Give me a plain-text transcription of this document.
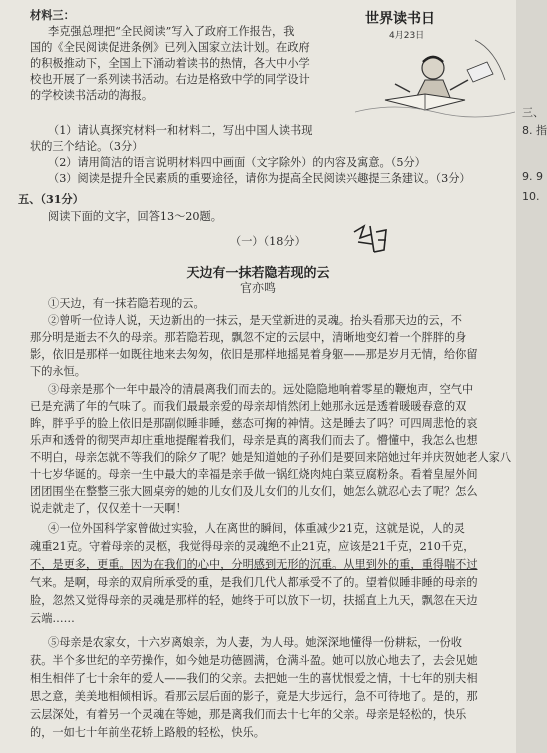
材料三：

李克强总理把“全民阅读”写入了政府工作报告，我

国的《全民阅读促进条例》已列入国家立法计划。在政府

的积极推动下，全国上下涌动着读书的热情，各大中小学

校也开展了一系列读书活动。右边是格致中学的同学设计

的学校读书活动的海报。

世界读书日
4月23日

（1）请认真探究材料一和材料二，写出中国人读书现

状的三个结论。（3分）

（2）请用简洁的语言说明材料四中画面（文字除外）的内容及寓意。（5分）

（3）阅读是提升全民素质的重要途径，请你为提高全民阅读兴趣提三条建议。（3分）

五、（31分）

阅读下面的文字，回答13～20题。

（一）（18分）

天边有一抹若隐若现的云
官亦鸣

①天边，有一抹若隐若现的云。

②曾听一位诗人说，天边新出的一抹云，是天堂新进的灵魂。抬头看那天边的云，不

那分明是逝去不久的母亲。那若隐若现，飘忽不定的云层中，清晰地变幻着一个胖胖的身

影，依旧是那样一如既往地来去匆匆，依旧是那样地摇晃着身躯——那是岁月无情，给你留

下的永恒。

③母亲是那个一年中最冷的清晨离我们而去的。远处隐隐地响着零星的鞭炮声，空气中

已是充满了年的气味了。而我们最最亲爱的母亲却悄然闭上她那永远是透着暖暖春意的双

眸，胖乎乎的脸上依旧是那副似睡非睡，慈态可掬的神情。这是睡去了吗？可四周悲怆的哀

乐声和透骨的彻哭声却庄重地提醒着我们，母亲是真的离我们而去了。懵懂中，我怎么也想

不明白，母亲怎就不等我们的除夕了呢？她是知道她的子孙们是要回来陪她过年并庆贺她老人家八

十七岁华诞的。母亲一生中最大的幸福是亲手做一锅红烧肉炖白菜豆腐粉条。看着皇屋外间

团团围坐在整整三张大圆桌旁的她的儿女们及儿女们的儿女们，她怎么就忍心去了呢？怎么

说走就走了，仅仅差十一天啊！

④一位外国科学家曾做过实验，人在离世的瞬间，体重减少21克，这就是说，人的灵

魂重21克。守着母亲的灵柩，我觉得母亲的灵魂绝不止21克，应该是21千克，210千克，

不，是更多，更重。因为在我们的心中，分明感到无形的沉重。从里到外的重，重得喘不过

气来。是啊，母亲的双肩所承受的重，是我们几代人都承受不了的。望着似睡非睡的母亲的

脸，忽然又觉得母亲的灵魂是那样的轻，她终于可以放下一切，扶摇直上九天，飘忽在天边

云端……

⑤母亲是农家女，十六岁离娘亲，为人妻，为人母。她深深地懂得一份耕耘，一份收

获。半个多世纪的辛劳操作，如今她是功德圆满，仓满斗盈。她可以放心地去了，去会见她

相生相伴了七十余年的爱人——我们的父亲。去把她一生的喜忧恨爱之情，十七年的别夫相

思之意，美美地相倾相诉。看那云层后面的影子，竟是大步远行，急不可待地了。是的，那

云层深处，有着另一个灵魂在等她，那是离我们而去十七年的父亲。母亲是轻松的，快乐

的，一如七十年前坐花轿上路般的轻松，快乐。

三、
8. 指
9. 9
10.
